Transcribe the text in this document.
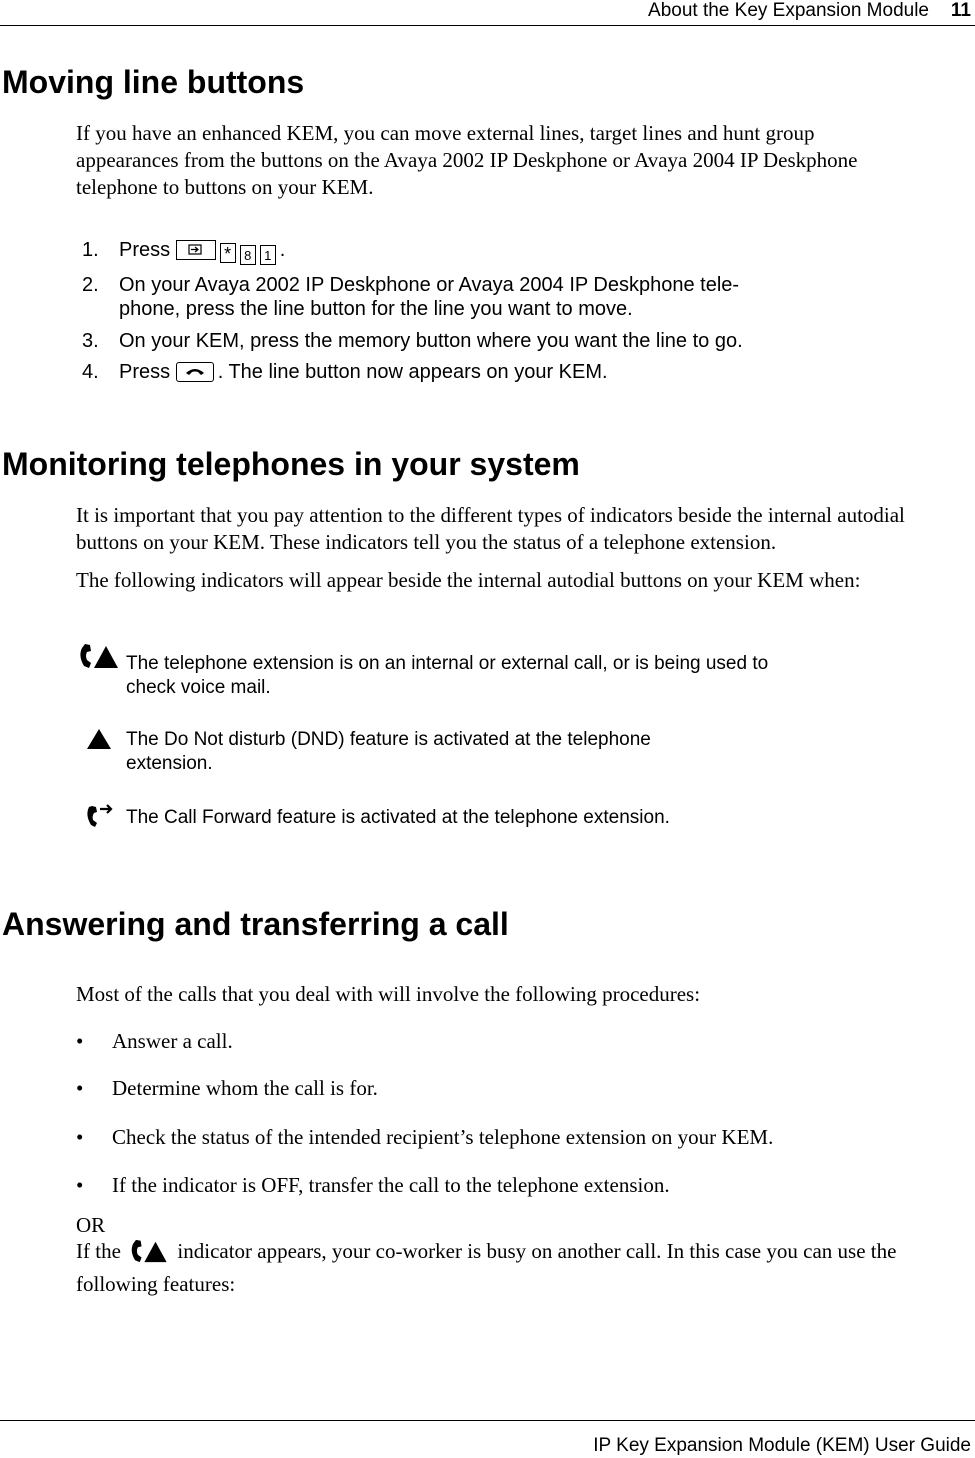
About the Key Expansion Module 11
Moving line buttons

If you have an enhanced KEM, you can move external lines, target lines and hunt group
appearances from the buttons on the Avaya 2002 IP Deskphone or Avaya 2004 IP Deskphone
telephone to buttons on your KEM.

1. Press	* 8 1 .
2. On your Avaya 2002 IP Deskphone or Avaya 2004 IP Deskphone tele-
phone, press the line button for the line you want to move.
3. On your KEM, press the memory button where you want the line to go.
4. Press . The line button now appears on your KEM.
Monitoring telephones in your system

It is important that you pay attention to the different types of indicators beside the internal autodial
buttons on your KEM. These indicators tell you the status of a telephone extension.

The following indicators will appear beside the internal autodial buttons on your KEM when:

The telephone extension is on an internal or external call, or is being used to
check voice mail.

The Do Not disturb (DND) feature is activated at the telephone
extension.

The Call Forward feature is activated at the telephone extension.

Answering and transferring a call

Most of the calls that you deal with will involve the following procedures:

• Answer a call.

• Determine whom the call is for.

• Check the status of the intended recipient’s telephone extension on your KEM.

• If the indicator is OFF, transfer the call to the telephone extension.

OR

If the	indicator appears, your co-worker is busy on another call. In this case you can use the
following features:

IP Key Expansion Module (KEM) User Guide
